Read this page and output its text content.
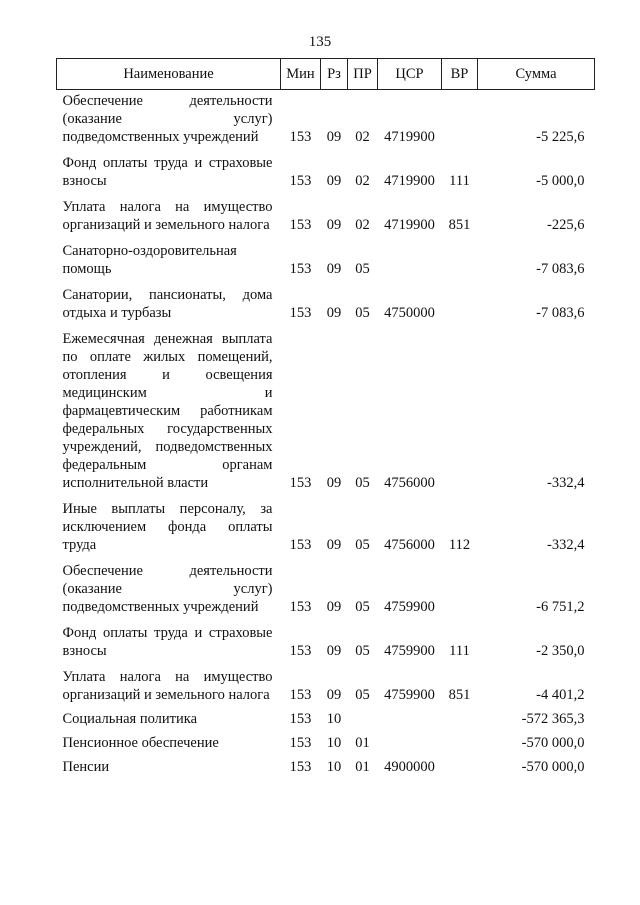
135
Наименование	Мин	Рз	ПР	ЦСР	ВР	Сумма
Обеспечение деятельности (оказание услуг) подведомственных учреждений	153	09	02	4719900		-5 225,6
Фонд оплаты труда и страховые взносы	153	09	02	4719900	111	-5 000,0
Уплата налога на имущество организаций и земельного налога	153	09	02	4719900	851	-225,6
Санаторно-оздоровительная помощь	153	09	05			-7 083,6
Санатории, пансионаты, дома отдыха и турбазы	153	09	05	4750000		-7 083,6
Ежемесячная денежная выплата по оплате жилых помещений, отопления и освещения медицинским и фармацевтическим работникам федеральных государственных учреждений, подведомственных федеральным органам исполнительной власти	153	09	05	4756000		-332,4
Иные выплаты персоналу, за исключением фонда оплаты труда	153	09	05	4756000	112	-332,4
Обеспечение деятельности (оказание услуг) подведомственных учреждений	153	09	05	4759900		-6 751,2
Фонд оплаты труда и страховые взносы	153	09	05	4759900	111	-2 350,0
Уплата налога на имущество организаций и земельного налога	153	09	05	4759900	851	-4 401,2
Социальная политика	153	10				-572 365,3
Пенсионное обеспечение	153	10	01			-570 000,0
Пенсии	153	10	01	4900000		-570 000,0
